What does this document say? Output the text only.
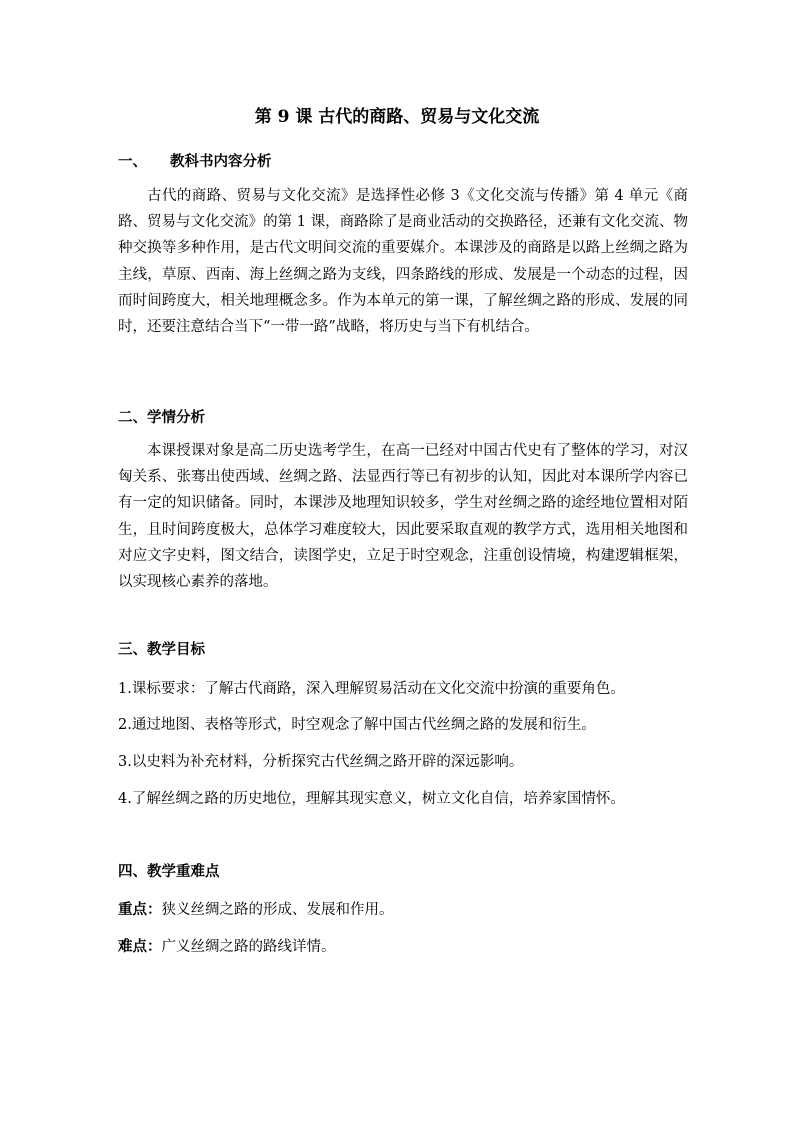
第 9 课 古代的商路、贸易与文化交流
一、 教科书内容分析

古代的商路、贸易与文化交流》是选择性必修 3《文化交流与传播》第 4 单元《商路、贸易与文化交流》的第 1 课，商路除了是商业活动的交换路径，还兼有文化交流、物种交换等多种作用，是古代文明间交流的重要媒介。本课涉及的商路是以路上丝绸之路为主线，草原、西南、海上丝绸之路为支线，四条路线的形成、发展是一个动态的过程，因而时间跨度大，相关地理概念多。作为本单元的第一课，了解丝绸之路的形成、发展的同时，还要注意结合当下“一带一路”战略，将历史与当下有机结合。

二、学情分析

本课授课对象是高二历史选考学生，在高一已经对中国古代史有了整体的学习，对汉匈关系、张骞出使西域、丝绸之路、法显西行等已有初步的认知，因此对本课所学内容已有一定的知识储备。同时，本课涉及地理知识较多，学生对丝绸之路的途经地位置相对陌生，且时间跨度极大，总体学习难度较大，因此要采取直观的教学方式，选用相关地图和对应文字史料，图文结合，读图学史，立足于时空观念，注重创设情境，构建逻辑框架，以实现核心素养的落地。

三、教学目标

1.课标要求：了解古代商路，深入理解贸易活动在文化交流中扮演的重要角色。

2.通过地图、表格等形式，时空观念了解中国古代丝绸之路的发展和衍生。

3.以史料为补充材料，分析探究古代丝绸之路开辟的深远影响。

4.了解丝绸之路的历史地位，理解其现实意义，树立文化自信，培养家国情怀。

四、教学重难点

重点：狭义丝绸之路的形成、发展和作用。

难点：广义丝绸之路的路线详情。
